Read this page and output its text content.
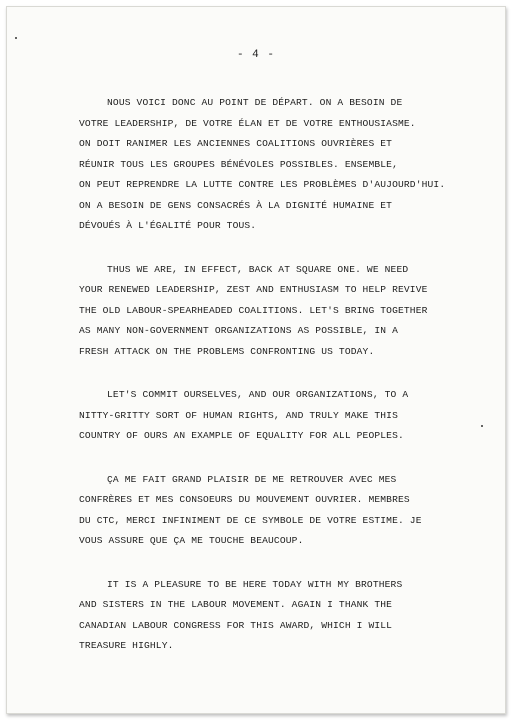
- 4 -
NOUS VOICI DONC AU POINT DE DÉPART. ON A BESOIN DE
VOTRE LEADERSHIP, DE VOTRE ÉLAN ET DE VOTRE ENTHOUSIASME.
ON DOIT RANIMER LES ANCIENNES COALITIONS OUVRIÈRES ET
RÉUNIR TOUS LES GROUPES BÉNÉVOLES POSSIBLES. ENSEMBLE,
ON PEUT REPRENDRE LA LUTTE CONTRE LES PROBLÈMES D'AUJOURD'HUI.
ON A BESOIN DE GENS CONSACRÉS À LA DIGNITÉ HUMAINE ET
DÉVOUÉS À L'ÉGALITÉ POUR TOUS.
THUS WE ARE, IN EFFECT, BACK AT SQUARE ONE. WE NEED
YOUR RENEWED LEADERSHIP, ZEST AND ENTHUSIASM TO HELP REVIVE
THE OLD LABOUR-SPEARHEADED COALITIONS. LET'S BRING TOGETHER
AS MANY NON-GOVERNMENT ORGANIZATIONS AS POSSIBLE, IN A
FRESH ATTACK ON THE PROBLEMS CONFRONTING US TODAY.
LET'S COMMIT OURSELVES, AND OUR ORGANIZATIONS, TO A
NITTY-GRITTY SORT OF HUMAN RIGHTS, AND TRULY MAKE THIS
COUNTRY OF OURS AN EXAMPLE OF EQUALITY FOR ALL PEOPLES.
ÇA ME FAIT GRAND PLAISIR DE ME RETROUVER AVEC MES
CONFRÈRES ET MES CONSOEURS DU MOUVEMENT OUVRIER. MEMBRES
DU CTC, MERCI INFINIMENT DE CE SYMBOLE DE VOTRE ESTIME. JE
VOUS ASSURE QUE ÇA ME TOUCHE BEAUCOUP.
IT IS A PLEASURE TO BE HERE TODAY WITH MY BROTHERS
AND SISTERS IN THE LABOUR MOVEMENT. AGAIN I THANK THE
CANADIAN LABOUR CONGRESS FOR THIS AWARD, WHICH I WILL
TREASURE HIGHLY.
